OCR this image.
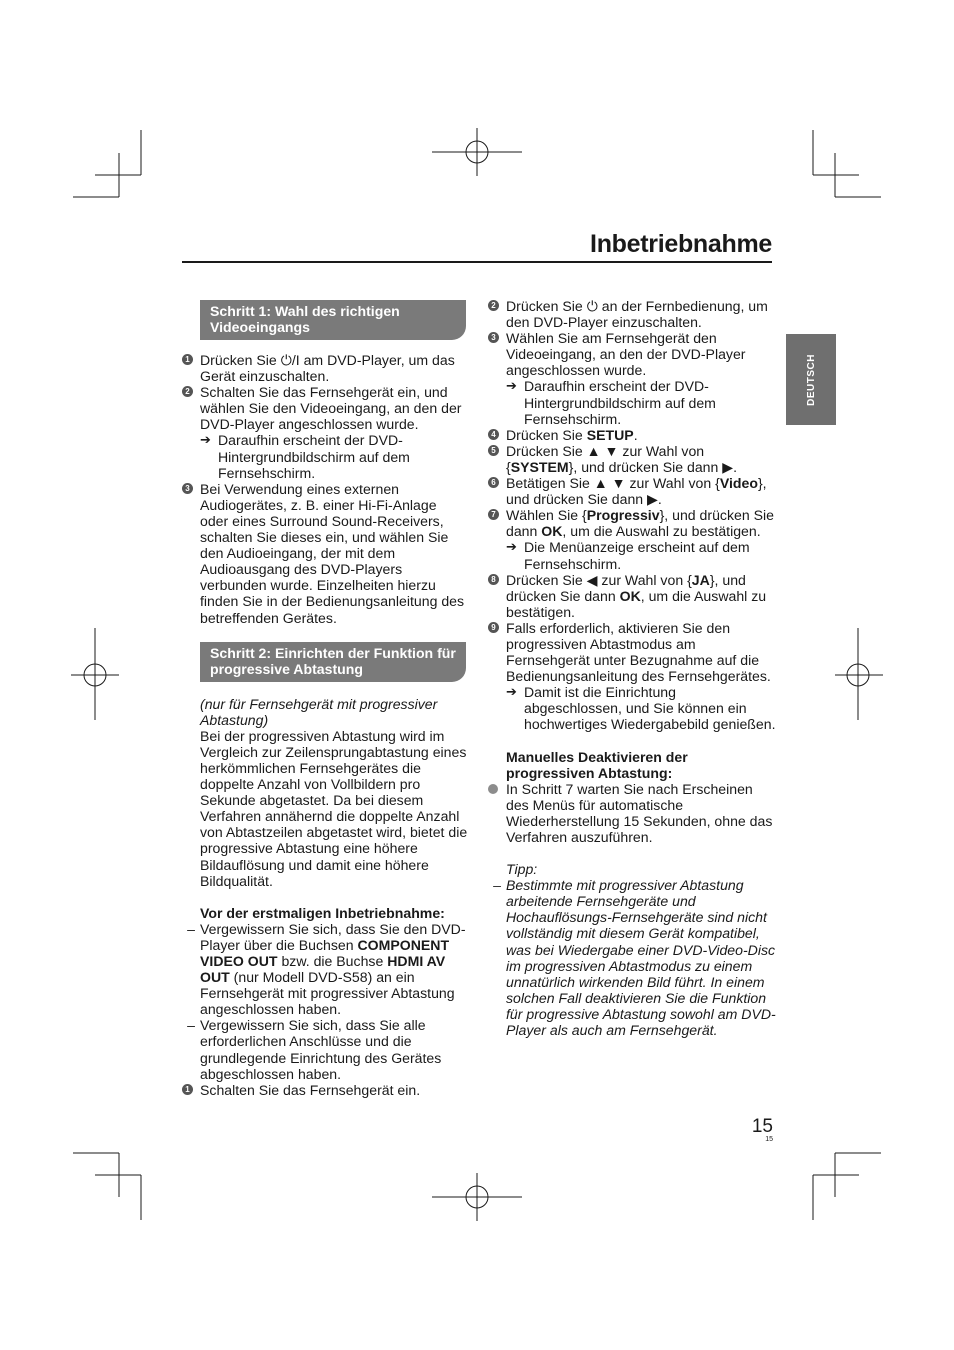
Inbetriebnahme
DEUTSCH
Schritt 1: Wahl des richtigen Videoeingangs
1 Drücken Sie ⏻/I am DVD-Player, um das Gerät einzuschalten.
2 Schalten Sie das Fernsehgerät ein, und wählen Sie den Videoeingang, an den der DVD-Player angeschlossen wurde.
➔ Daraufhin erscheint der DVD-Hintergrundbildschirm auf dem Fernsehschirm.
3 Bei Verwendung eines externen Audiogerätes, z. B. einer Hi-Fi-Anlage oder eines Surround Sound-Receivers, schalten Sie dieses ein, und wählen Sie den Audioeingang, der mit dem Audioausgang des DVD-Players verbunden wurde. Einzelheiten hierzu finden Sie in der Bedienungsanleitung des betreffenden Gerätes.
Schritt 2: Einrichten der Funktion für progressive Abtastung
(nur für Fernsehgerät mit progressiver Abtastung)
Bei der progressiven Abtastung wird im Vergleich zur Zeilensprungabtastung eines herkömmlichen Fernsehgerätes die doppelte Anzahl von Vollbildern pro Sekunde abgetastet. Da bei diesem Verfahren annähernd die doppelte Anzahl von Abtastzeilen abgetastet wird, bietet die progressive Abtastung eine höhere Bildauflösung und damit eine höhere Bildqualität.
Vor der erstmaligen Inbetriebnahme:
– Vergewissern Sie sich, dass Sie den DVD-Player über die Buchsen COMPONENT VIDEO OUT bzw. die Buchse HDMI AV OUT (nur Modell DVD-S58) an ein Fernsehgerät mit progressiver Abtastung angeschlossen haben.
– Vergewissern Sie sich, dass Sie alle erforderlichen Anschlüsse und die grundlegende Einrichtung des Gerätes abgeschlossen haben.
1 Schalten Sie das Fernsehgerät ein.
2 Drücken Sie ⏻ an der Fernbedienung, um den DVD-Player einzuschalten.
3 Wählen Sie am Fernsehgerät den Videoeingang, an den der DVD-Player angeschlossen wurde.
➔ Daraufhin erscheint der DVD-Hintergrundbildschirm auf dem Fernsehschirm.
4 Drücken Sie SETUP.
5 Drücken Sie ▲ ▼ zur Wahl von {SYSTEM}, und drücken Sie dann ▶.
6 Betätigen Sie ▲ ▼ zur Wahl von {Video}, und drücken Sie dann ▶.
7 Wählen Sie {Progressiv}, und drücken Sie dann OK, um die Auswahl zu bestätigen.
➔ Die Menüanzeige erscheint auf dem Fernsehschirm.
8 Drücken Sie ◀ zur Wahl von {JA}, und drücken Sie dann OK, um die Auswahl zu bestätigen.
9 Falls erforderlich, aktivieren Sie den progressiven Abtastmodus am Fernsehgerät unter Bezugnahme auf die Bedienungsanleitung des Fernsehgerätes.
➔ Damit ist die Einrichtung abgeschlossen, und Sie können ein hochwertiges Wiedergabebild genießen.
Manuelles Deaktivieren der progressiven Abtastung:
In Schritt 7 warten Sie nach Erscheinen des Menüs für automatische Wiederherstellung 15 Sekunden, ohne das Verfahren auszuführen.
Tipp:
– Bestimmte mit progressiver Abtastung arbeitende Fernsehgeräte und Hochauflösungs-Fernsehgeräte sind nicht vollständig mit diesem Gerät kompatibel, was bei Wiedergabe einer DVD-Video-Disc im progressiven Abtastmodus zu einem unnatürlich wirkenden Bild führt. In einem solchen Fall deaktivieren Sie die Funktion für progressive Abtastung sowohl am DVD-Player als auch am Fernsehgerät.
15
15
